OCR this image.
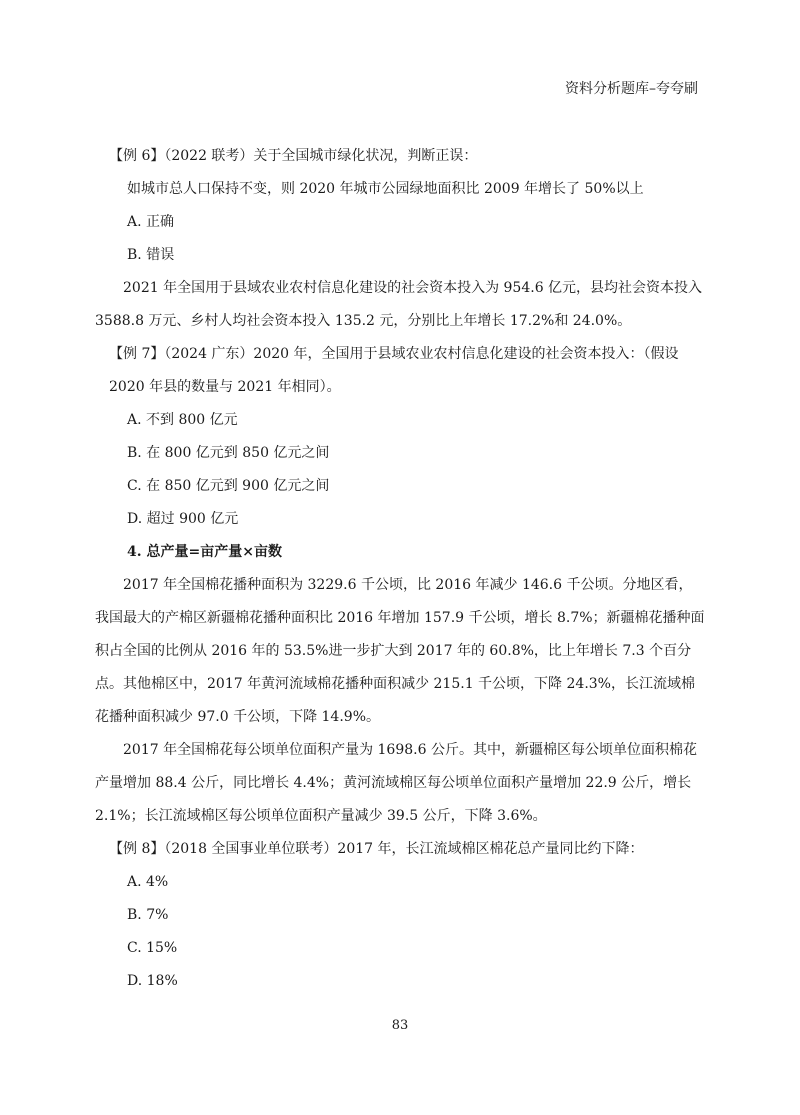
资料分析题库–夸夸刷

【例 6】（2022 联考）关于全国城市绿化状况，判断正误：

如城市总人口保持不变，则 2020 年城市公园绿地面积比 2009 年增长了 50%以上

A. 正确

B. 错误

2021 年全国用于县域农业农村信息化建设的社会资本投入为 954.6 亿元，县均社会资本投入 3588.8 万元、乡村人均社会资本投入 135.2 元，分别比上年增长 17.2%和 24.0%。

【例 7】（2024 广东）2020 年，全国用于县域农业农村信息化建设的社会资本投入：（假设 2020 年县的数量与 2021 年相同）。

A. 不到 800 亿元

B. 在 800 亿元到 850 亿元之间

C. 在 850 亿元到 900 亿元之间

D. 超过 900 亿元

4. 总产量=亩产量×亩数

2017 年全国棉花播种面积为 3229.6 千公顷，比 2016 年减少 146.6 千公顷。分地区看，我国最大的产棉区新疆棉花播种面积比 2016 年增加 157.9 千公顷，增长 8.7%；新疆棉花播种面积占全国的比例从 2016 年的 53.5%进一步扩大到 2017 年的 60.8%，比上年增长 7.3 个百分点。其他棉区中，2017 年黄河流域棉花播种面积减少 215.1 千公顷，下降 24.3%，长江流域棉花播种面积减少 97.0 千公顷，下降 14.9%。

2017 年全国棉花每公顷单位面积产量为 1698.6 公斤。其中，新疆棉区每公顷单位面积棉花产量增加 88.4 公斤，同比增长 4.4%；黄河流域棉区每公顷单位面积产量增加 22.9 公斤，增长 2.1%；长江流域棉区每公顷单位面积产量减少 39.5 公斤，下降 3.6%。

【例 8】（2018 全国事业单位联考）2017 年，长江流域棉区棉花总产量同比约下降：

A. 4%

B. 7%

C. 15%

D. 18%

83
